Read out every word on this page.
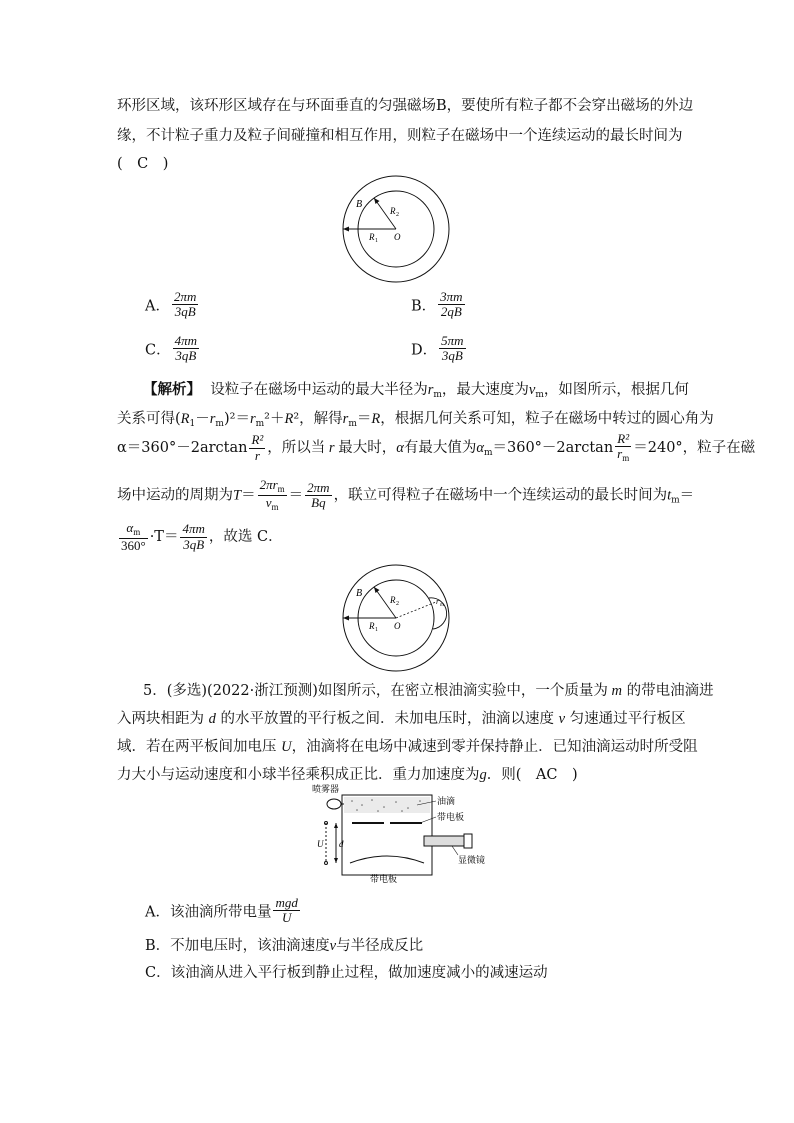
环形区域，该环形区域存在与环面垂直的匀强磁场B，要使所有粒子都不会穿出磁场的外边
缘，不计粒子重力及粒子间碰撞和相互作用，则粒子在磁场中一个连续运动的最长时间为
(　C　)
B
R 2
R 1 O
A． $\frac{2\pi m}{3qB}$	B． $\frac{3\pi m}{2qB}$
C． $\frac{4\pi m}{3qB}$	D． $\frac{5\pi m}{3qB}$
【解析】 设粒子在磁场中运动的最大半径为$r_m$，最大速度为$v_m$，如图所示，根据几何
关系可得$(R_1-r_m)^2=r_m^2+R^2$，解得$r_m=R$，根据几何关系可知，粒子在磁场中转过的圆心角为
$\alpha=360^\circ-2\arctan \frac{\text{R²}}{r}$ ，所以当 r 最大时，α有最大值为$\alpha_m=360^\circ-2\arctan \frac{\text{R²}}{r_m} =240^\circ$，粒子在磁
场中运动的周期为$T= \frac{2\pi r_m}{v_m} = \frac{2\pi m}{Bq}$ ，联立可得粒子在磁场中一个连续运动的最长时间为$t_m=$
$\frac{\alpha_m}{360^\circ} \cdot T= \frac{4\pi m}{3qB}$ ，故选 C．
B
R 2
R 1 O
r m
5．(多选)(2022·浙江预测)如图所示，在密立根油滴实验中，一个质量为 m 的带电油滴进
入两块相距为 d 的水平放置的平行板之间．未加电压时，油滴以速度 v 匀速通过平行板区
域．若在两平板间加电压 U，油滴将在电场中减速到零并保持静止．已知油滴运动时所受阻
力大小与运动速度和小球半径乘积成正比．重力加速度为g．则(　AC　)
喷雾器
油滴
带电板
显微镜
带电板
U d
A．该油滴所带电量 $\frac{\text{mgd}}{U}$
B．不加电压时，该油滴速度v与半径成反比
C．该油滴从进入平行板到静止过程，做加速度减小的减速运动
